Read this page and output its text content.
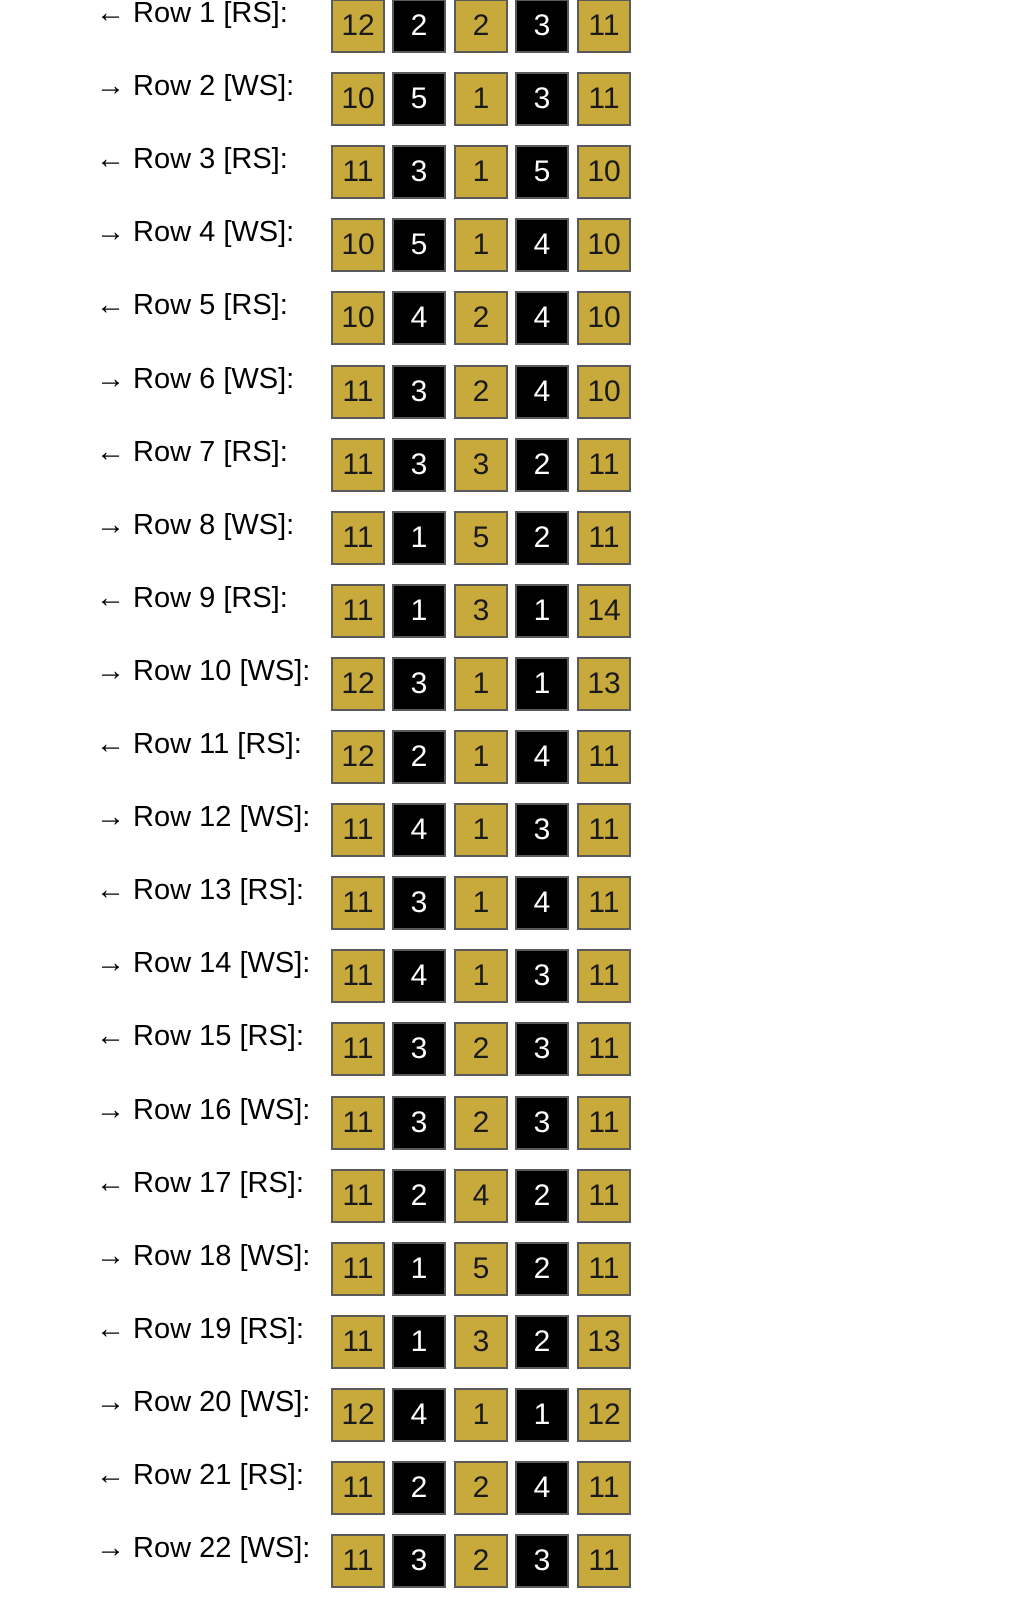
← Row 1 [RS]:	12	2	2	3	11
→ Row 2 [WS]:	10	5	1	3	11
← Row 3 [RS]:	11	3	1	5	10
→ Row 4 [WS]:	10	5	1	4	10
← Row 5 [RS]:	10	4	2	4	10
→ Row 6 [WS]:	11	3	2	4	10
← Row 7 [RS]:	11	3	3	2	11
→ Row 8 [WS]:	11	1	5	2	11
← Row 9 [RS]:	11	1	3	1	14
→ Row 10 [WS]:	12	3	1	1	13
← Row 11 [RS]:	12	2	1	4	11
→ Row 12 [WS]:	11	4	1	3	11
← Row 13 [RS]:	11	3	1	4	11
→ Row 14 [WS]:	11	4	1	3	11
← Row 15 [RS]:	11	3	2	3	11
→ Row 16 [WS]:	11	3	2	3	11
← Row 17 [RS]:	11	2	4	2	11
→ Row 18 [WS]:	11	1	5	2	11
← Row 19 [RS]:	11	1	3	2	13
→ Row 20 [WS]:	12	4	1	1	12
← Row 21 [RS]:	11	2	2	4	11
→ Row 22 [WS]:	11	3	2	3	11
